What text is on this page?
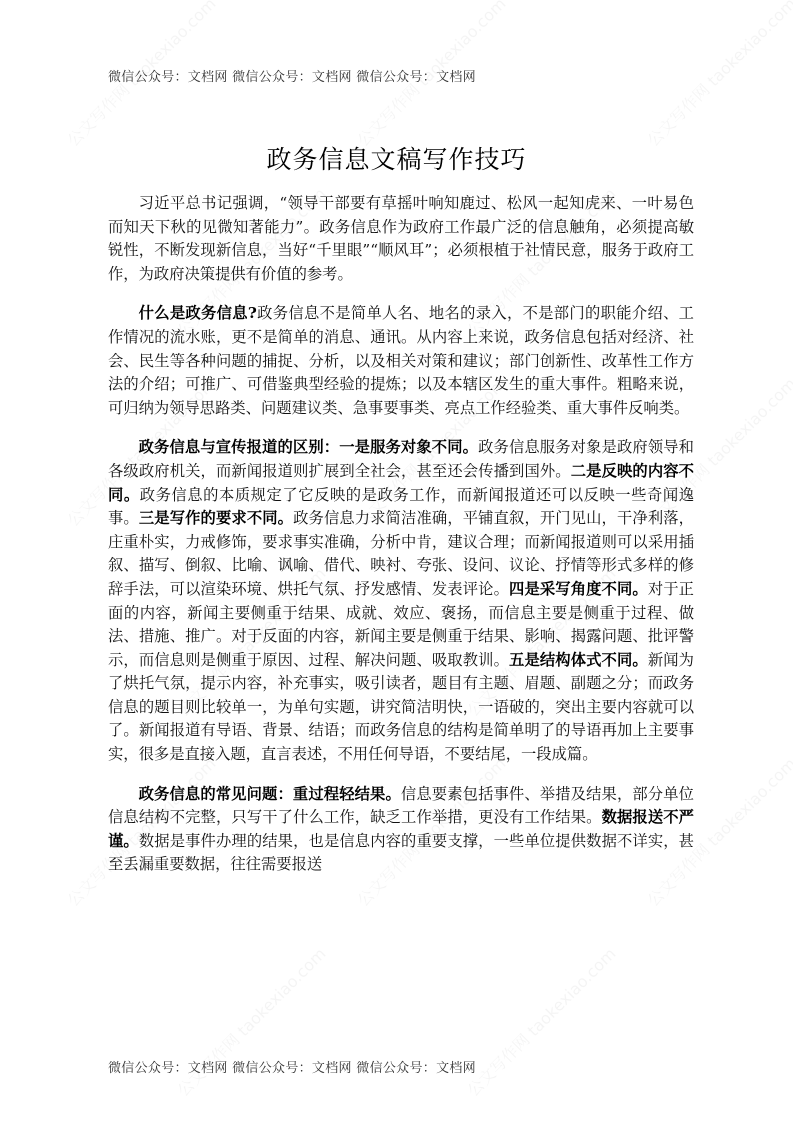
微信公众号：文档网 微信公众号：文档网 微信公众号：文档网
政务信息文稿写作技巧

习近平总书记强调，“领导干部要有草摇叶响知鹿过、松风一起知虎来、一叶易色而知天下秋的见微知著能力”。政务信息作为政府工作最广泛的信息触角，必须提高敏锐性，不断发现新信息，当好“千里眼”“顺风耳”；必须根植于社情民意，服务于政府工作，为政府决策提供有价值的参考。

什么是政务信息?政务信息不是简单人名、地名的录入，不是部门的职能介绍、工作情况的流水账，更不是简单的消息、通讯。从内容上来说，政务信息包括对经济、社会、民生等各种问题的捕捉、分析，以及相关对策和建议；部门创新性、改革性工作方法的介绍；可推广、可借鉴典型经验的提炼；以及本辖区发生的重大事件。粗略来说，可归纳为领导思路类、问题建议类、急事要事类、亮点工作经验类、重大事件反响类。

政务信息与宣传报道的区别：一是服务对象不同。政务信息服务对象是政府领导和各级政府机关，而新闻报道则扩展到全社会，甚至还会传播到国外。二是反映的内容不同。政务信息的本质规定了它反映的是政务工作，而新闻报道还可以反映一些奇闻逸事。三是写作的要求不同。政务信息力求简洁准确，平铺直叙，开门见山，干净利落，庄重朴实，力戒修饰，要求事实准确，分析中肯，建议合理；而新闻报道则可以采用插叙、描写、倒叙、比喻、讽喻、借代、映衬、夸张、设问、议论、抒情等形式多样的修辞手法，可以渲染环境、烘托气氛、抒发感情、发表评论。四是采写角度不同。对于正面的内容，新闻主要侧重于结果、成就、效应、褒扬，而信息主要是侧重于过程、做法、措施、推广。对于反面的内容，新闻主要是侧重于结果、影响、揭露问题、批评警示，而信息则是侧重于原因、过程、解决问题、吸取教训。五是结构体式不同。新闻为了烘托气氛，提示内容，补充事实，吸引读者，题目有主题、眉题、副题之分；而政务信息的题目则比较单一，为单句实题，讲究简洁明快，一语破的，突出主要内容就可以了。新闻报道有导语、背景、结语；而政务信息的结构是简单明了的导语再加上主要事实，很多是直接入题，直言表述，不用任何导语，不要结尾，一段成篇。

政务信息的常见问题：重过程轻结果。信息要素包括事件、举措及结果，部分单位信息结构不完整，只写干了什么工作，缺乏工作举措，更没有工作结果。数据报送不严谨。数据是事件办理的结果，也是信息内容的重要支撑，一些单位提供数据不详实，甚至丢漏重要数据，往往需要报送

微信公众号：文档网 微信公众号：文档网 微信公众号：文档网
